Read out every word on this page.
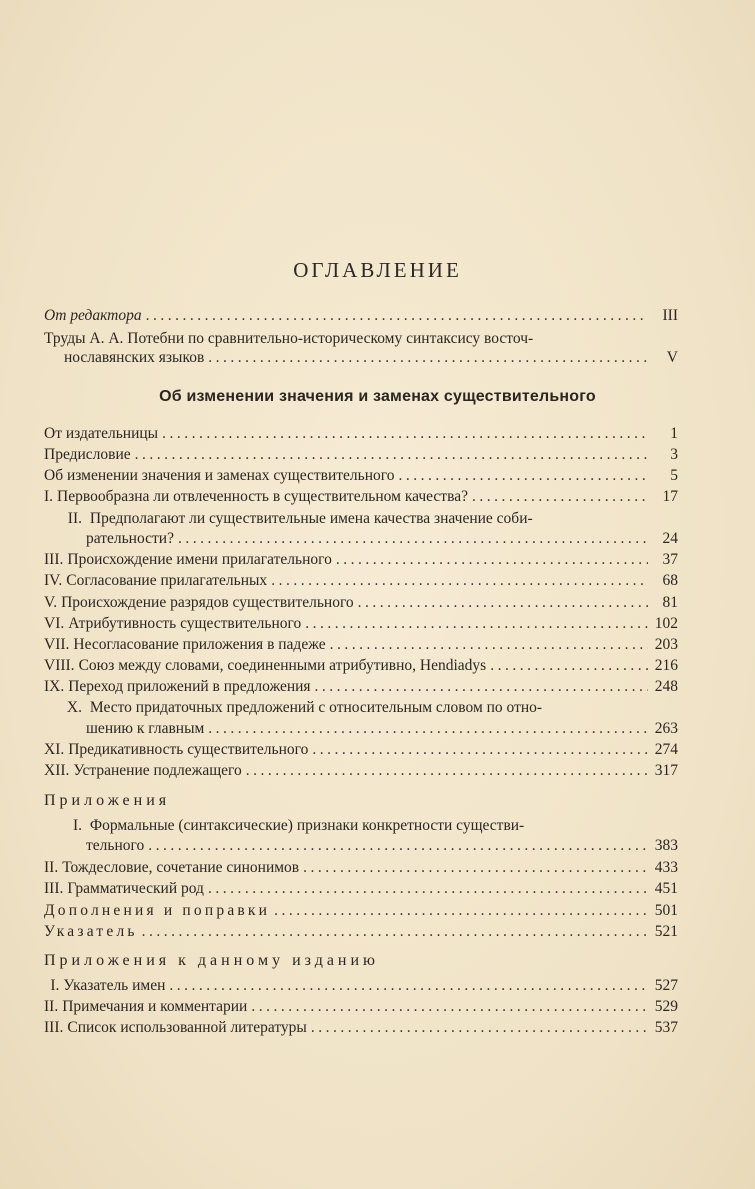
ОГЛАВЛЕНИЕ
От редактора .....	III
Труды А. А. Потебни по сравнительно-историческому синтаксису восточ-
нославянских языков .....	V
Об изменении значения и заменах существительного
От издательницы .....	1
Предисловие .....	3
Об изменении значения и заменах существительного .....	5
I. Первообразна ли отвлеченность в существительном качества? .....	17
II. Предполагают ли существительные имена качества значение соби-
рательности? .....	24
III. Происхождение имени прилагательного .....	37
IV. Согласование прилагательных .....	68
V. Происхождение разрядов существительного .....	81
VI. Атрибутивность существительного .....	102
VII. Несогласование приложения в падеже .....	203
VIII. Союз между словами, соединенными атрибутивно, Hendiadys .....	216
IX. Переход приложений в предложения .....	248
X. Место придаточных предложений с относительным словом по отно-
шению к главным .....	263
XI. Предикативность существительного .....	274
XII. Устранение подлежащего .....	317
Приложения
I. Формальные (синтаксические) признаки конкретности существи-
тельного .....	383
II. Тождесловие, сочетание синонимов .....	433
III. Грамматический род .....	451
Дополнения и поправки .....	501
Указатель .....	521
Приложения к данному изданию
I. Указатель имен .....	527
II. Примечания и комментарии .....	529
III. Список использованной литературы .....	537
